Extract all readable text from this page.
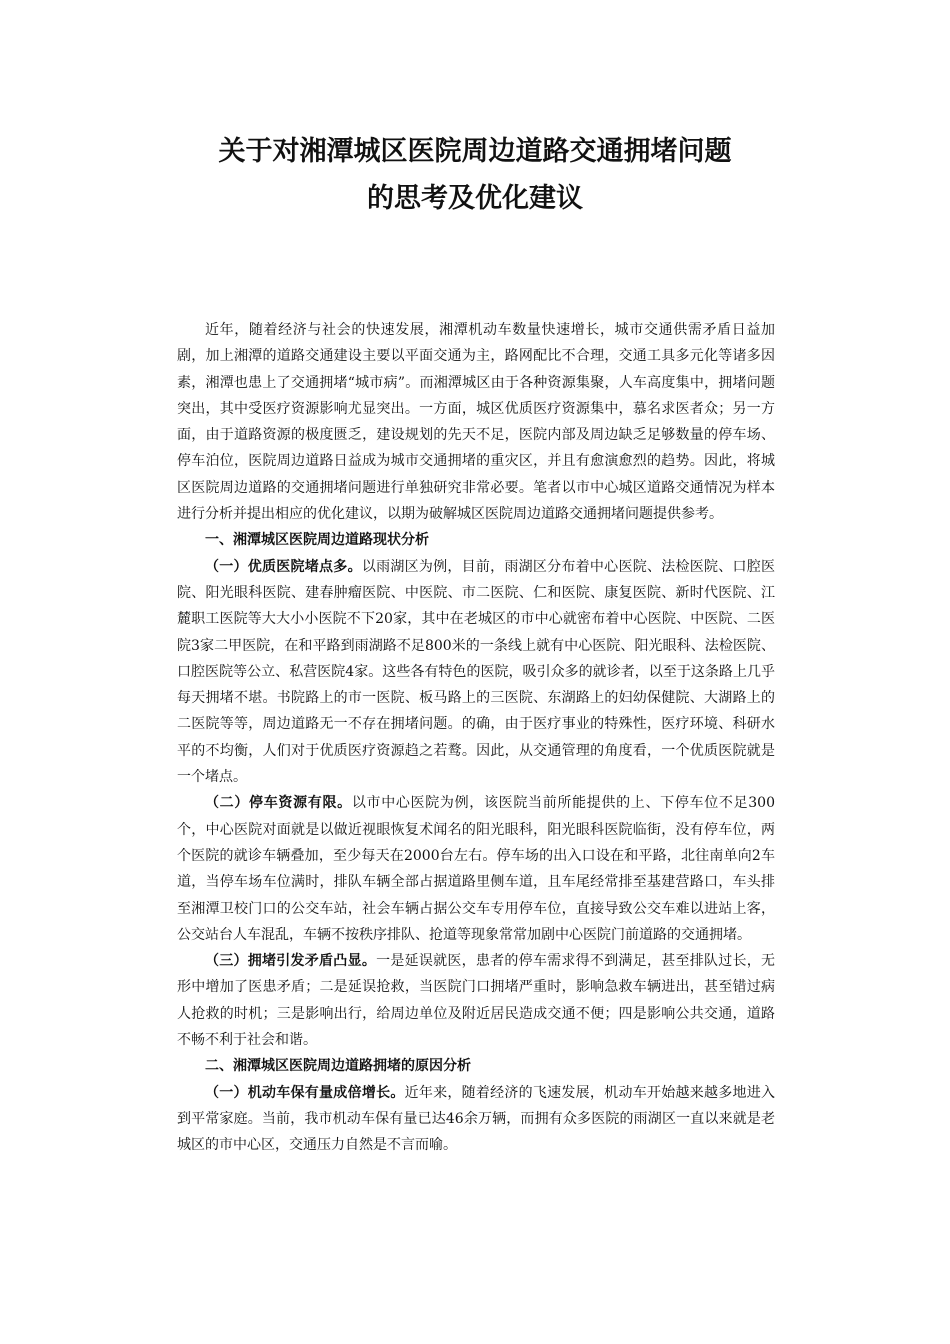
关于对湘潭城区医院周边道路交通拥堵问题
的思考及优化建议

近年，随着经济与社会的快速发展，湘潭机动车数量快速增长，城市交通供需矛盾日益加剧，加上湘潭的道路交通建设主要以平面交通为主，路网配比不合理，交通工具多元化等诸多因素，湘潭也患上了交通拥堵“城市病”。而湘潭城区由于各种资源集聚，人车高度集中，拥堵问题突出，其中受医疗资源影响尤显突出。一方面，城区优质医疗资源集中，慕名求医者众；另一方面，由于道路资源的极度匮乏，建设规划的先天不足，医院内部及周边缺乏足够数量的停车场、停车泊位，医院周边道路日益成为城市交通拥堵的重灾区，并且有愈演愈烈的趋势。因此，将城区医院周边道路的交通拥堵问题进行单独研究非常必要。笔者以市中心城区道路交通情况为样本进行分析并提出相应的优化建议，以期为破解城区医院周边道路交通拥堵问题提供参考。

一、湘潭城区医院周边道路现状分析

（一）优质医院堵点多。以雨湖区为例，目前，雨湖区分布着中心医院、法检医院、口腔医院、阳光眼科医院、建春肿瘤医院、中医院、市二医院、仁和医院、康复医院、新时代医院、江麓职工医院等大大小小医院不下20家，其中在老城区的市中心就密布着中心医院、中医院、二医院3家二甲医院，在和平路到雨湖路不足800米的一条线上就有中心医院、阳光眼科、法检医院、口腔医院等公立、私营医院4家。这些各有特色的医院，吸引众多的就诊者，以至于这条路上几乎每天拥堵不堪。书院路上的市一医院、板马路上的三医院、东湖路上的妇幼保健院、大湖路上的二医院等等，周边道路无一不存在拥堵问题。的确，由于医疗事业的特殊性，医疗环境、科研水平的不均衡，人们对于优质医疗资源趋之若鹜。因此，从交通管理的角度看，一个优质医院就是一个堵点。

（二）停车资源有限。以市中心医院为例，该医院当前所能提供的上、下停车位不足300个，中心医院对面就是以做近视眼恢复术闻名的阳光眼科，阳光眼科医院临街，没有停车位，两个医院的就诊车辆叠加，至少每天在2000台左右。停车场的出入口设在和平路，北往南单向2车道，当停车场车位满时，排队车辆全部占据道路里侧车道，且车尾经常排至基建营路口，车头排至湘潭卫校门口的公交车站，社会车辆占据公交车专用停车位，直接导致公交车难以进站上客，公交站台人车混乱，车辆不按秩序排队、抢道等现象常常加剧中心医院门前道路的交通拥堵。

（三）拥堵引发矛盾凸显。一是延误就医，患者的停车需求得不到满足，甚至排队过长，无形中增加了医患矛盾；二是延误抢救，当医院门口拥堵严重时，影响急救车辆进出，甚至错过病人抢救的时机；三是影响出行，给周边单位及附近居民造成交通不便；四是影响公共交通，道路不畅不利于社会和谐。

二、湘潭城区医院周边道路拥堵的原因分析

（一）机动车保有量成倍增长。近年来，随着经济的飞速发展，机动车开始越来越多地进入到平常家庭。当前，我市机动车保有量已达46余万辆，而拥有众多医院的雨湖区一直以来就是老城区的市中心区，交通压力自然是不言而喻。
